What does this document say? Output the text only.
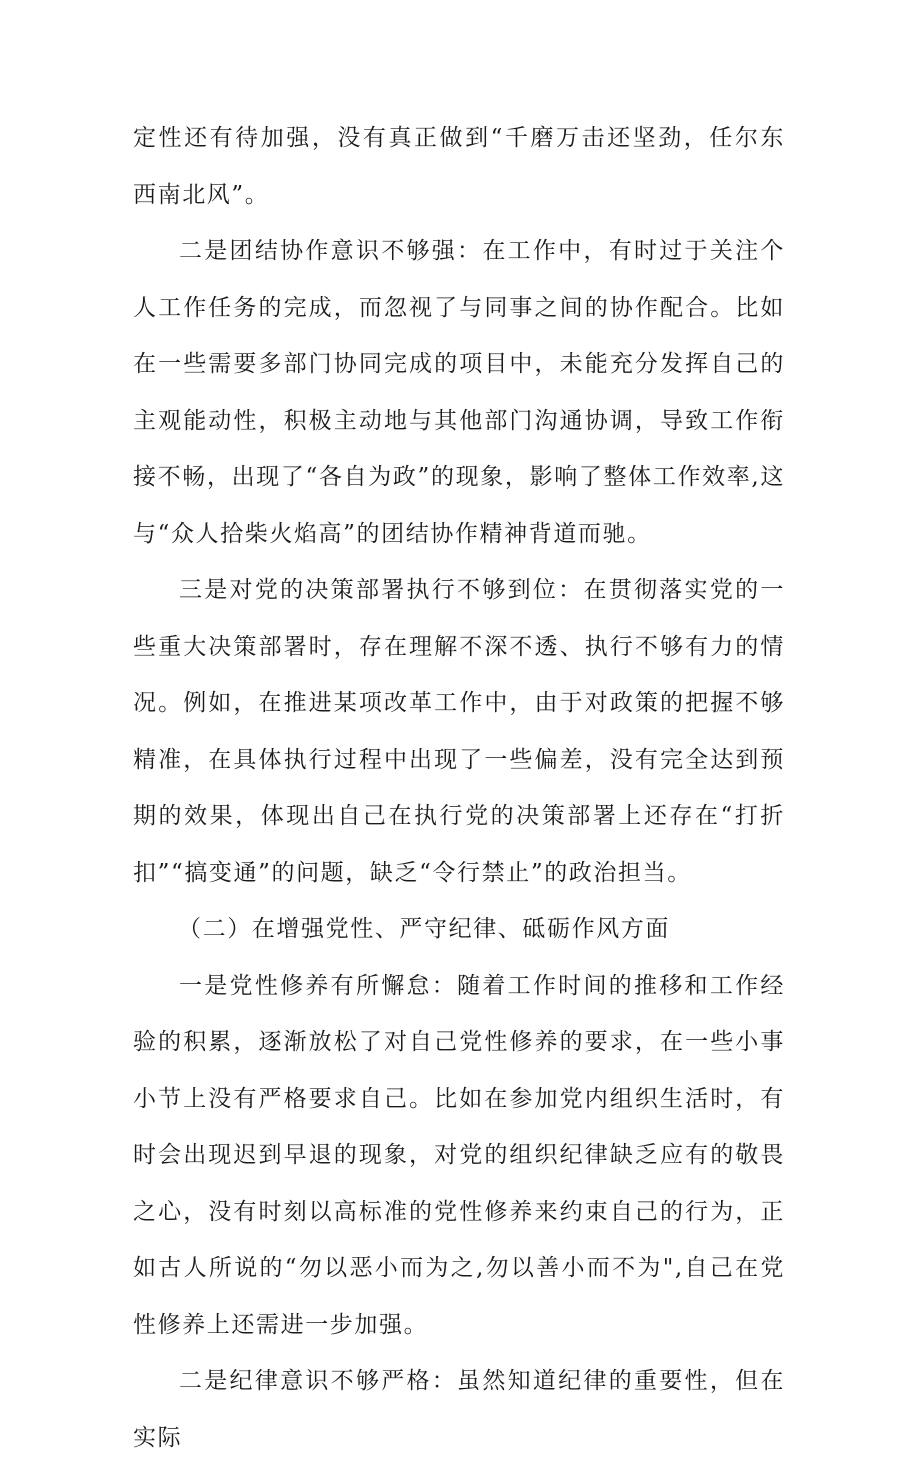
定性还有待加强，没有真正做到“千磨万击还坚劲，任尔东西南北风”。

二是团结协作意识不够强：在工作中，有时过于关注个人工作任务的完成，而忽视了与同事之间的协作配合。比如在一些需要多部门协同完成的项目中，未能充分发挥自己的主观能动性，积极主动地与其他部门沟通协调，导致工作衔接不畅，出现了“各自为政”的现象，影响了整体工作效率,这与“众人拾柴火焰高”的团结协作精神背道而驰。

三是对党的决策部署执行不够到位：在贯彻落实党的一些重大决策部署时，存在理解不深不透、执行不够有力的情况。例如，在推进某项改革工作中，由于对政策的把握不够精准，在具体执行过程中出现了一些偏差，没有完全达到预期的效果，体现出自己在执行党的决策部署上还存在“打折扣”“搞变通”的问题，缺乏“令行禁止”的政治担当。

（二）在增强党性、严守纪律、砥砺作风方面

一是党性修养有所懈怠：随着工作时间的推移和工作经验的积累，逐渐放松了对自己党性修养的要求，在一些小事小节上没有严格要求自己。比如在参加党内组织生活时，有时会出现迟到早退的现象，对党的组织纪律缺乏应有的敬畏之心，没有时刻以高标准的党性修养来约束自己的行为，正如古人所说的“勿以恶小而为之,勿以善小而不为",自己在党性修养上还需进一步加强。

二是纪律意识不够严格：虽然知道纪律的重要性，但在实际
